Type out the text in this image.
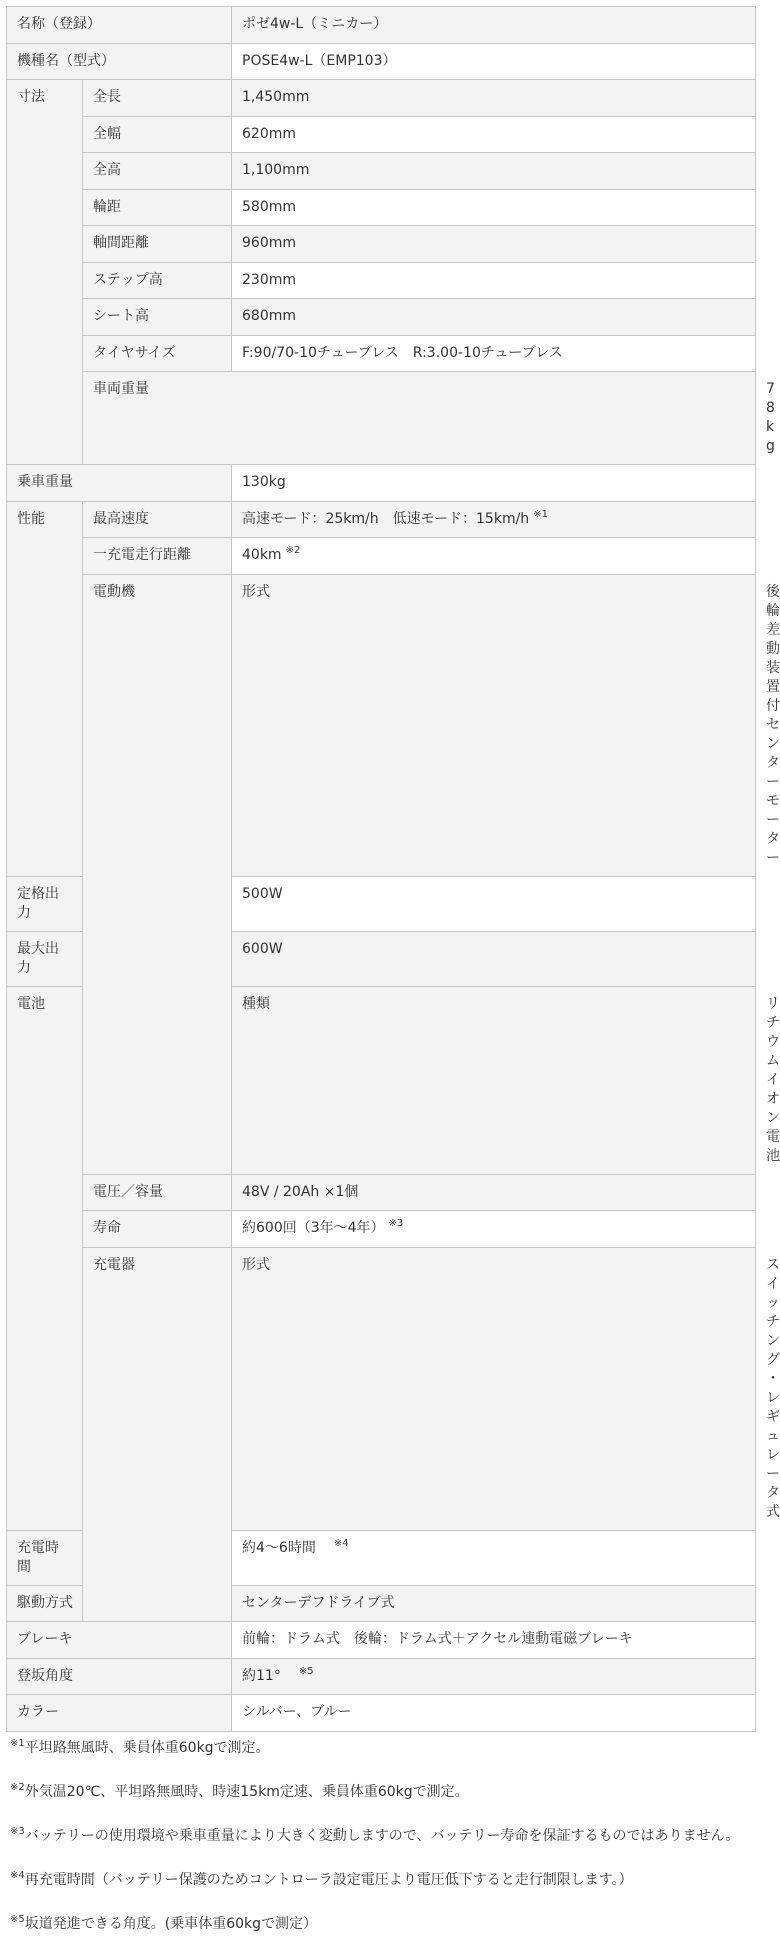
名称（登録）		ポゼ4w-L（ミニカー）	
機種名（型式）		POSE4w-L（EMP103）	
寸法	全長	1,450mm	
	全幅	620mm	
	全高	1,100mm	
	輪距	580mm	
	軸間距離	960mm	
	ステップ高	230mm	
	シート高	680mm	
	タイヤサイズ	F:90/70-10チューブレス　R:3.00-10チューブレス	
	車両重量		78kg
乗車重量		130kg	
性能	最高速度	高速モード：25km/h　低速モード：15km/h $^{※1}$
	一充電走行距離	40km $^{※2}$
	電動機	形式	後輪差動装置付センターモーター
定格出力		500W	
最大出力		600W	
電池		種類	リチウムイオン電池
	電圧／容量	48V / 20Ah ×1個	
	寿命	約600回（3年～4年） $^{※3}$
	充電器	形式	スイッチング・レギュレータ式
充電時間		約4～6時間　$^{※4}$
駆動方式		センターデフドライブ式	
ブレーキ		前輪：ドラム式　後輪：ドラム式＋アクセル連動電磁ブレーキ	
登坂角度		約11°　$^{※5}$
カラー		シルバー、ブルー	

$^{※1}$平坦路無風時、乗員体重60kgで測定。

$^{※2}$外気温20℃、平坦路無風時、時速15km定速、乗員体重60kgで測定。

$^{※3}$バッテリーの使用環境や乗車重量により大きく変動しますので、バッテリー寿命を保証するものではありません。

$^{※4}$再充電時間（バッテリー保護のためコントローラ設定電圧より電圧低下すると走行制限します。）

$^{※5}$坂道発進できる角度。(乗車体重60kgで測定）
